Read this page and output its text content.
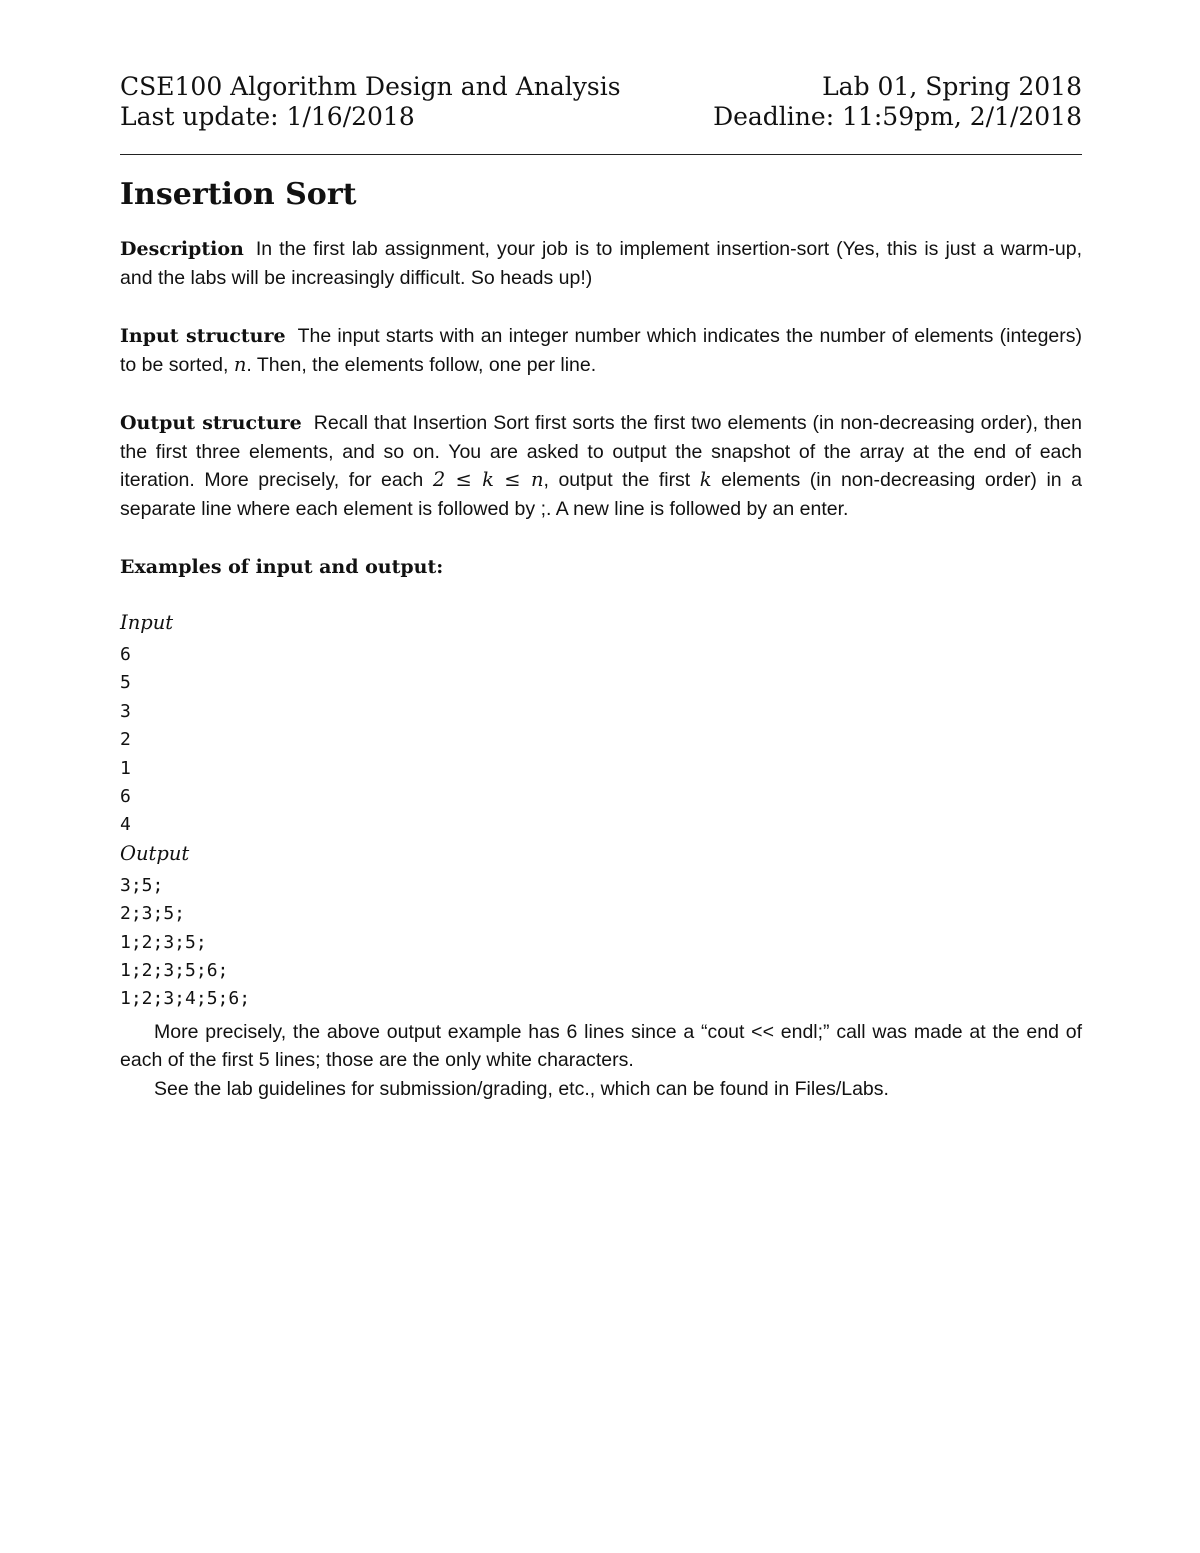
CSE100 Algorithm Design and Analysis	Lab 01, Spring 2018
Last update: 1/16/2018	Deadline: 11:59pm, 2/1/2018
Insertion Sort

Description In the first lab assignment, your job is to implement insertion-sort (Yes, this is just a warm-up, and the labs will be increasingly difficult. So heads up!)

Input structure The input starts with an integer number which indicates the number of elements (integers) to be sorted, n. Then, the elements follow, one per line.

Output structure Recall that Insertion Sort first sorts the first two elements (in non-decreasing order), then the first three elements, and so on. You are asked to output the snapshot of the array at the end of each iteration. More precisely, for each 2 ≤ k ≤ n, output the first k elements (in non-decreasing order) in a separate line where each element is followed by ;. A new line is followed by an enter.

Examples of input and output:
Input
6
5
3
2
1
6
4
Output
3;5;
2;3;5;
1;2;3;5;
1;2;3;5;6;
1;2;3;4;5;6;

More precisely, the above output example has 6 lines since a “cout << endl;” call was made at the end of each of the first 5 lines; those are the only white characters.

See the lab guidelines for submission/grading, etc., which can be found in Files/Labs.
